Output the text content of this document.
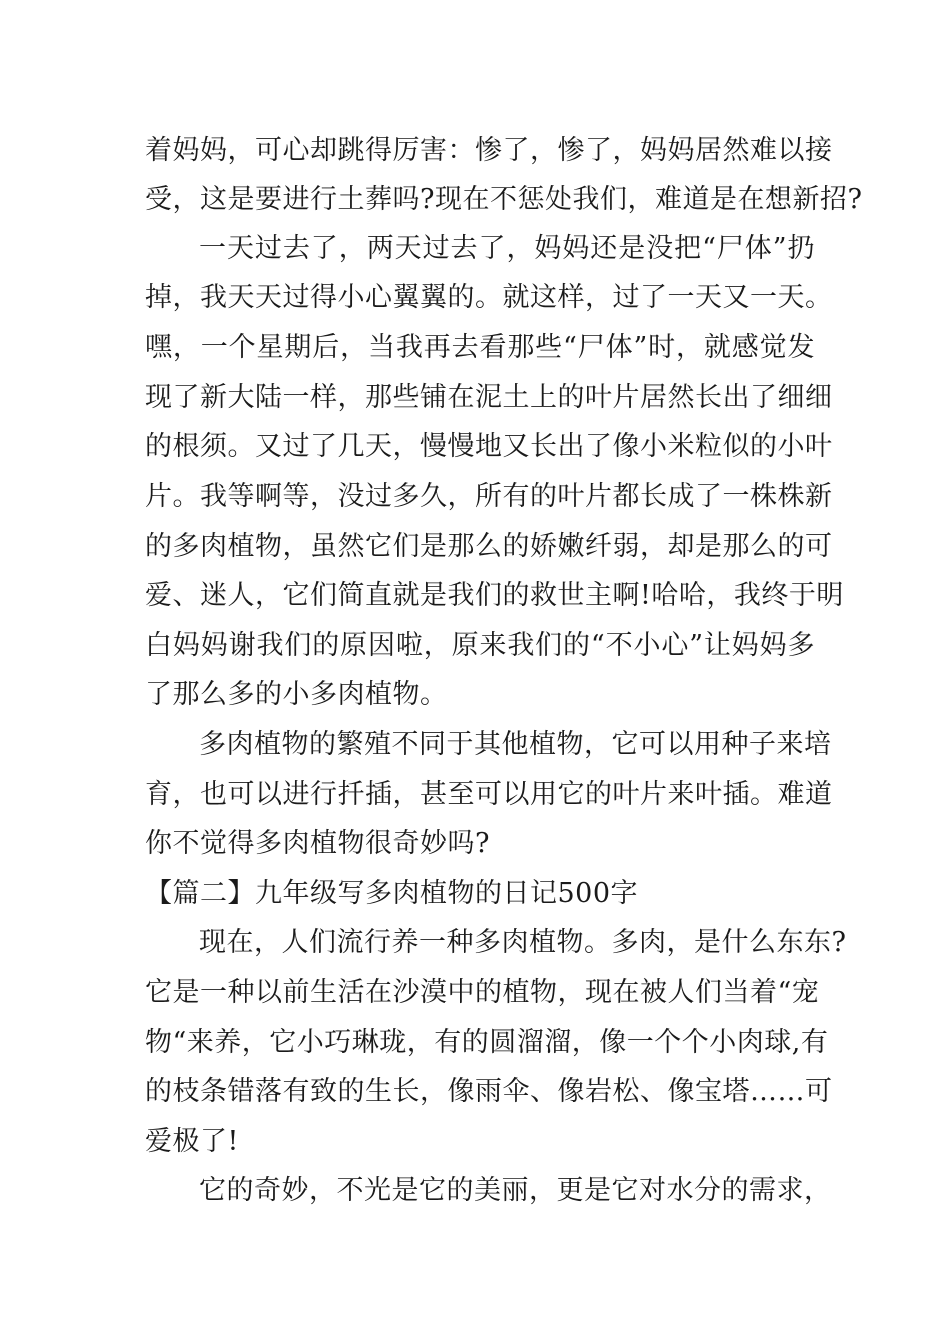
着妈妈，可心却跳得厉害：惨了，惨了，妈妈居然难以接
受，这是要进行土葬吗?现在不惩处我们，难道是在想新招?
一天过去了，两天过去了，妈妈还是没把“尸体”扔
掉，我天天过得小心翼翼的。就这样，过了一天又一天。
嘿，一个星期后，当我再去看那些“尸体”时，就感觉发
现了新大陆一样，那些铺在泥土上的叶片居然长出了细细
的根须。又过了几天，慢慢地又长出了像小米粒似的小叶
片。我等啊等，没过多久，所有的叶片都长成了一株株新
的多肉植物，虽然它们是那么的娇嫩纤弱，却是那么的可
爱、迷人，它们简直就是我们的救世主啊!哈哈，我终于明
白妈妈谢我们的原因啦，原来我们的“不小心”让妈妈多
了那么多的小多肉植物。
多肉植物的繁殖不同于其他植物，它可以用种子来培
育，也可以进行扦插，甚至可以用它的叶片来叶插。难道
你不觉得多肉植物很奇妙吗?
【篇二】九年级写多肉植物的日记500字
现在，人们流行养一种多肉植物。多肉，是什么东东?
它是一种以前生活在沙漠中的植物，现在被人们当着“宠
物“来养，它小巧琳珑，有的圆溜溜，像一个个小肉球,有
的枝条错落有致的生长，像雨伞、像岩松、像宝塔……可
爱极了!
它的奇妙，不光是它的美丽，更是它对水分的需求，
